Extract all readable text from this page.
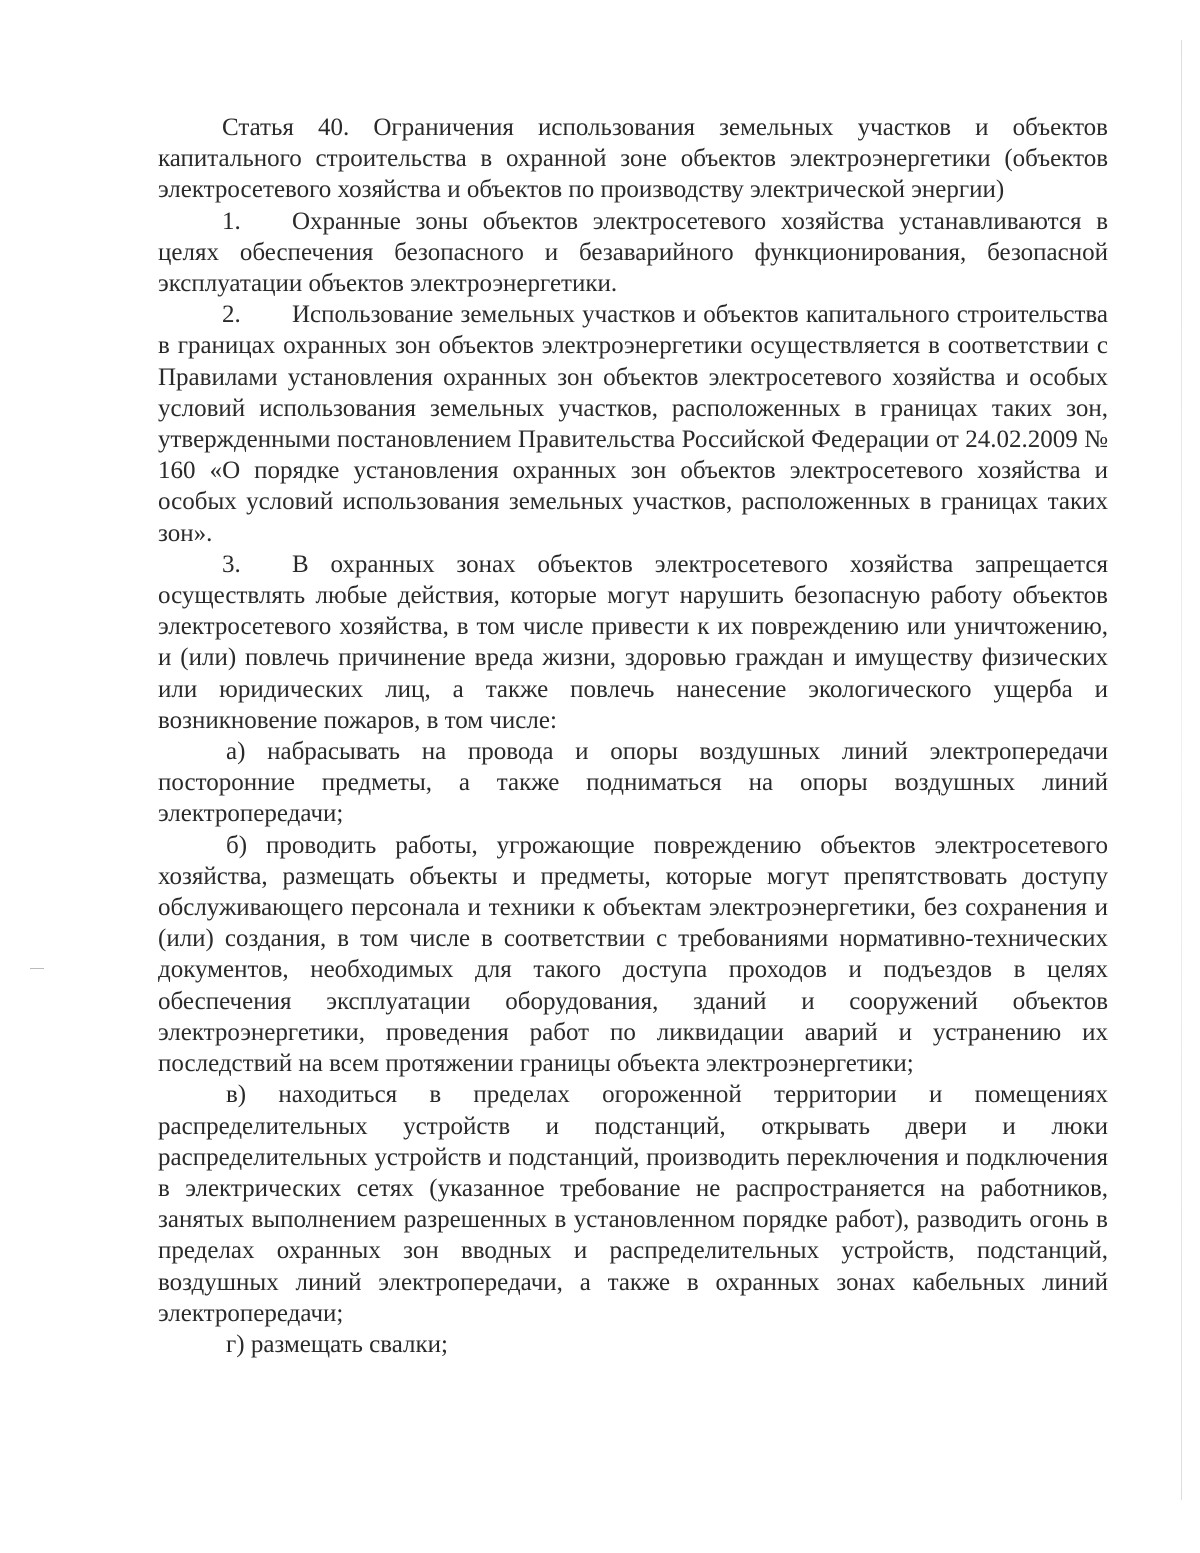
Статья 40. Ограничения использования земельных участков и объектов капитального строительства в охранной зоне объектов электроэнергетики (объектов электросетевого хозяйства и объектов по производству электрической энергии)

1. Охранные зоны объектов электросетевого хозяйства устанавливаются в целях обеспечения безопасного и безаварийного функционирования, безопасной эксплуатации объектов электроэнергетики.

2. Использование земельных участков и объектов капитального строительства в границах охранных зон объектов электроэнергетики осуществляется в соответствии с Правилами установления охранных зон объектов электросетевого хозяйства и особых условий использования земельных участков, расположенных в границах таких зон, утвержденными постановлением Правительства Российской Федерации от 24.02.2009 № 160 «О порядке установления охранных зон объектов электросетевого хозяйства и особых условий использования земельных участков, расположенных в границах таких зон».

3. В охранных зонах объектов электросетевого хозяйства запрещается осуществлять любые действия, которые могут нарушить безопасную работу объектов электросетевого хозяйства, в том числе привести к их повреждению или уничтожению, и (или) повлечь причинение вреда жизни, здоровью граждан и имуществу физических или юридических лиц, а также повлечь нанесение экологического ущерба и возникновение пожаров, в том числе:

а) набрасывать на провода и опоры воздушных линий электропередачи посторонние предметы, а также подниматься на опоры воздушных линий электропередачи;

б) проводить работы, угрожающие повреждению объектов электросетевого хозяйства, размещать объекты и предметы, которые могут препятствовать доступу обслуживающего персонала и техники к объектам электроэнергетики, без сохранения и (или) создания, в том числе в соответствии с требованиями нормативно-технических документов, необходимых для такого доступа проходов и подъездов в целях обеспечения эксплуатации оборудования, зданий и сооружений объектов электроэнергетики, проведения работ по ликвидации аварий и устранению их последствий на всем протяжении границы объекта электроэнергетики;

в) находиться в пределах огороженной территории и помещениях распределительных устройств и подстанций, открывать двери и люки распределительных устройств и подстанций, производить переключения и подключения в электрических сетях (указанное требование не распространяется на работников, занятых выполнением разрешенных в установленном порядке работ), разводить огонь в пределах охранных зон вводных и распределительных устройств, подстанций, воздушных линий электропередачи, а также в охранных зонах кабельных линий электропередачи;

г) размещать свалки;
